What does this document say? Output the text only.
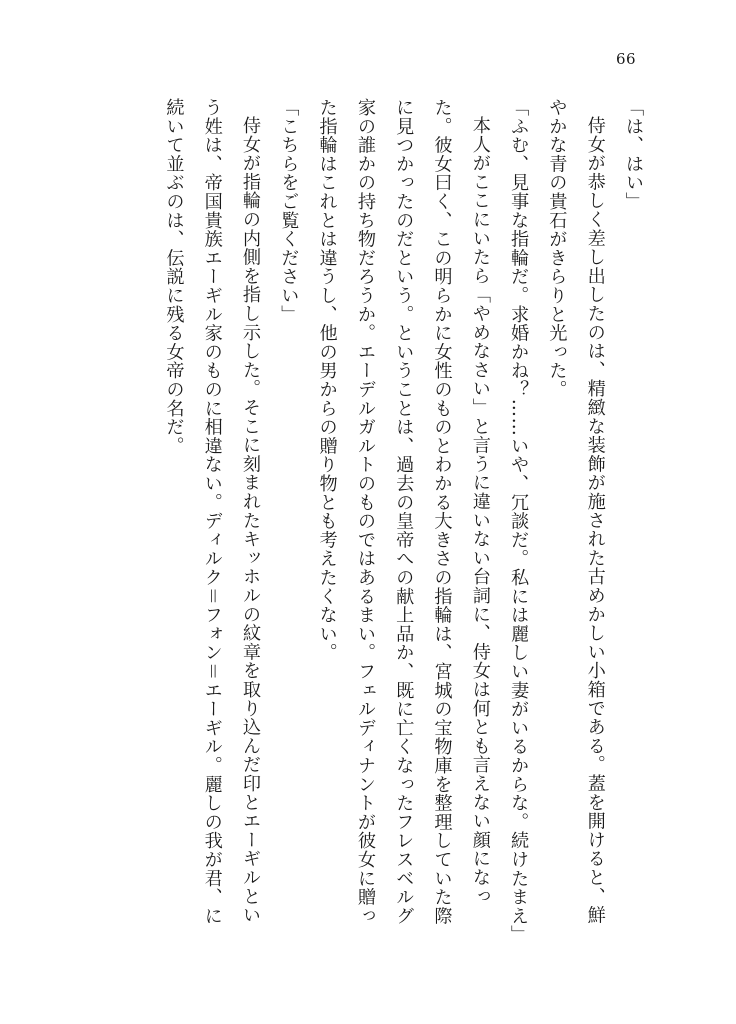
66

「は、はい」

侍女が恭しく差し出したのは、精緻な装飾が施された古めかしい小箱である。蓋を開けると、鮮やかな青の貴石がきらりと光った。

「ふむ、見事な指輪だ。求婚かね？……いや、冗談だ。私には麗しい妻がいるからな。続けたまえ」

本人がここにいたら「やめなさい」と言うに違いない台詞に、侍女は何とも言えない顔になった。彼女曰く、この明らかに女性のものとわかる大きさの指輪は、宮城の宝物庫を整理していた際に見つかったのだという。ということは、過去の皇帝への献上品か、既に亡くなったフレスベルグ家の誰かの持ち物だろうか。エーデルガルトのものではあるまい。フェルディナントが彼女に贈った指輪はこれとは違うし、他の男からの贈り物とも考えたくない。

「こちらをご覧ください」

侍女が指輪の内側を指し示した。そこに刻まれたキッホルの紋章を取り込んだ印とエーギルという姓は、帝国貴族エーギル家のものに相違ない。ディルク＝フォン＝エーギル。麗しの我が君、に続いて並ぶのは、伝説に残る女帝の名だ。
